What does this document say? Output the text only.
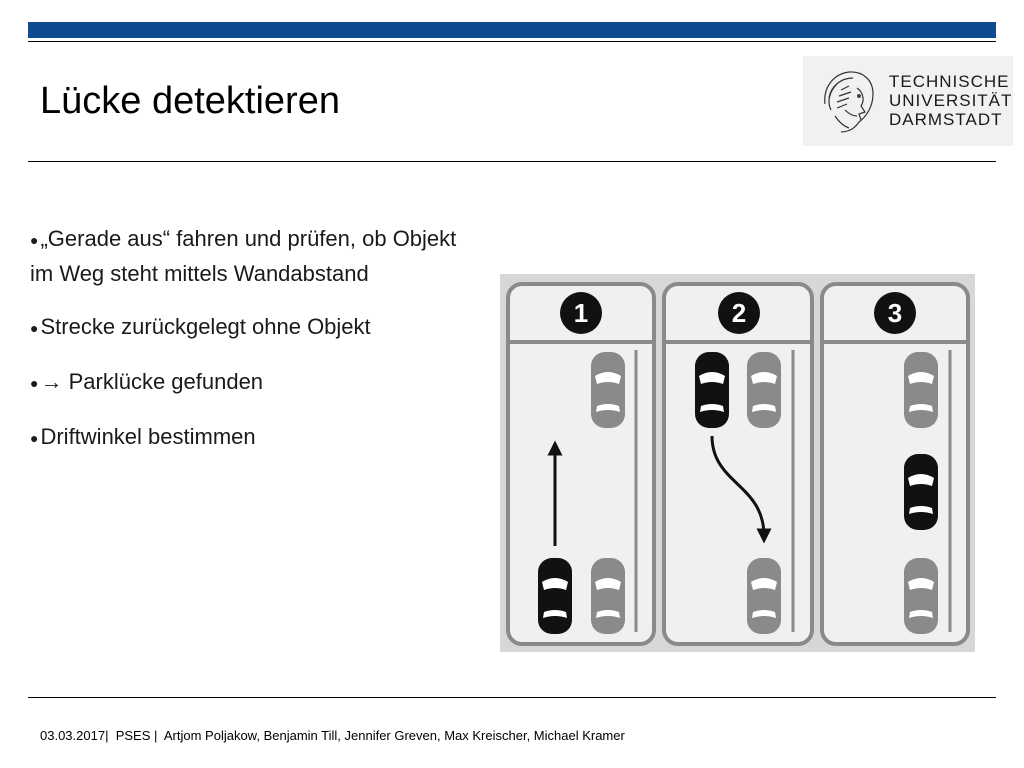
Lücke detektieren	TECHNISCHE
UNIVERSITÄT
DARMSTADT
●„Gerade aus“ fahren und prüfen, ob Objekt im Weg steht mittels Wandabstand
●Strecke zurückgelegt ohne Objekt
●→ Parklücke gefunden
●Driftwinkel bestimmen
1	2	3
03.03.2017|  PSES |  Artjom Poljakow, Benjamin Till, Jennifer Greven, Max Kreischer, Michael Kramer
